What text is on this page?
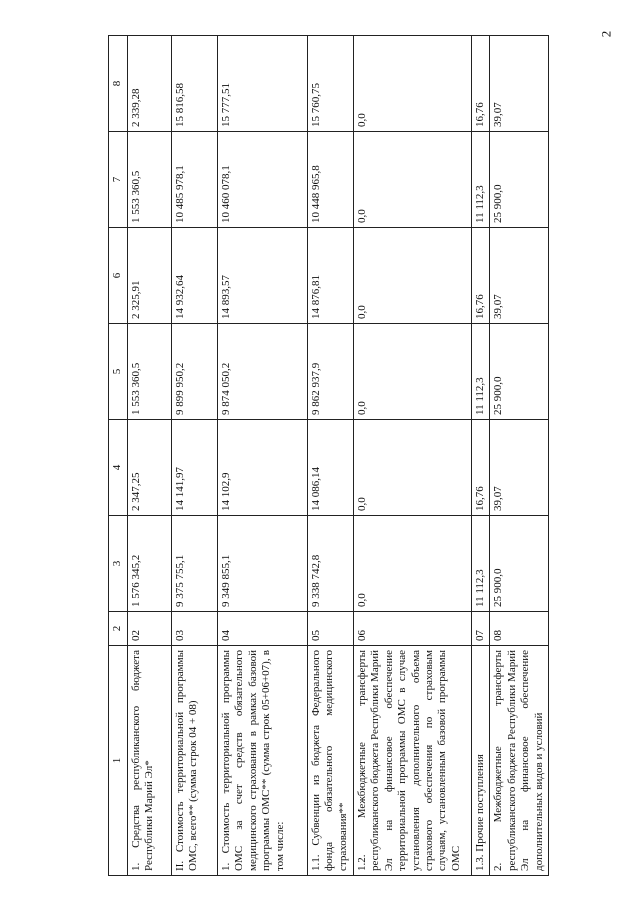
2
1	2	3	4	5	6	7	8
1. Средства республиканского бюджета Республики Марий Эл*	02	1 576 345,2	2 347,25	1 553 360,5	2 325,91	1 553 360,5	2 339,28
II. Стоимость территориальной программы ОМС, всего** (сумма строк 04 + 08)	03	9 375 755,1	14 141,97	9 899 950,2	14 932,64	10 485 978,1	15 816,58
1. Стоимость территориальной программы ОМС за счет средств обязательного медицинского страхования в рамках базовой программы ОМС** (сумма строк 05+06+07), в том числе:	04	9 349 855,1	14 102,9	9 874 050,2	14 893,57	10 460 078,1	15 777,51
1.1. Субвенции из бюджета Федерального фонда обязательного медицинского страхования**	05	9 338 742,8	14 086,14	9 862 937,9	14 876,81	10 448 965,8	15 760,75
1.2. Межбюджетные трансферты республиканского бюджета Республики Марий Эл на финансовое обеспечение территориальной программы ОМС в случае установления дополнительного объема страхового обеспечения по страховым случаям, установленным базовой программы ОМС	06	0,0	0,0	0,0	0,0	0,0	0,0
1.3. Прочие поступления	07	11 112,3	16,76	11 112,3	16,76	11 112,3	16,76
2. Межбюджетные трансферты республиканского бюджета Республики Марий Эл на финансовое обеспечение дополнительных видов и условий	08	25 900,0	39,07	25 900,0	39,07	25 900,0	39,07
